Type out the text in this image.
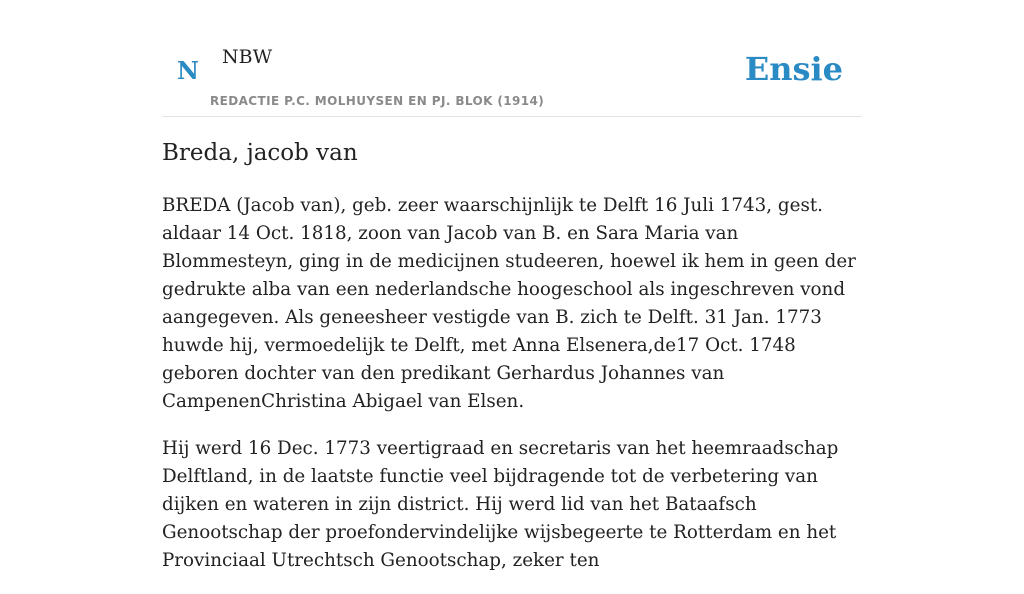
N NBW
REDACTIE P.C. MOLHUYSEN EN PJ. BLOK (1914)
Ensie
Breda, jacob van

BREDA (Jacob van), geb. zeer waarschijnlijk te Delft 16 Juli 1743, gest. aldaar 14 Oct. 1818, zoon van Jacob van B. en Sara Maria van Blommesteyn, ging in de medicijnen studeeren, hoewel ik hem in geen der gedrukte alba van een nederlandsche hoogeschool als ingeschreven vond aangegeven. Als geneesheer vestigde van B. zich te Delft. 31 Jan. 1773 huwde hij, vermoedelijk te Delft, met Anna Elsenera,de17 Oct. 1748 geboren dochter van den predikant Gerhardus Johannes van CampenenChristina Abigael van Elsen.

Hij werd 16 Dec. 1773 veertigraad en secretaris van het heemraadschap Delftland, in de laatste functie veel bijdragende tot de verbetering van dijken en wateren in zijn district. Hij werd lid van het Bataafsch Genootschap der proefondervindelijke wijsbegeerte te Rotterdam en het Provinciaal Utrechtsch Genootschap, zeker ten
